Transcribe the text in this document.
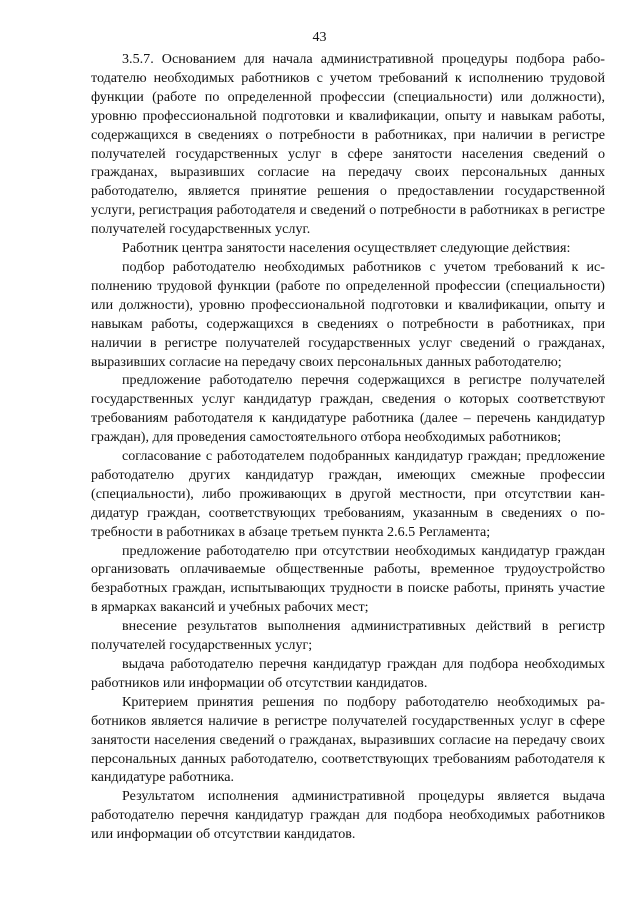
43

3.5.7. Основанием для начала административной процедуры подбора работодателю необходимых работников с учетом требований к исполнению трудовой функции (работе по определенной профессии (специальности) или должности), уровню профессиональной подготовки и квалификации, опыту и навыкам работы, содержащихся в сведениях о потребности в работниках, при наличии в регистре получателей государственных услуг в сфере занятости населения сведений о гражданах, выразивших согласие на передачу своих персональных данных работодателю, является принятие решения о предоставлении государственной услуги, регистрация работодателя и сведений о потребности в работниках в регистре получателей государственных услуг.

Работник центра занятости населения осуществляет следующие действия:

подбор работодателю необходимых работников с учетом требований к исполнению трудовой функции (работе по определенной профессии (специальности) или должности), уровню профессиональной подготовки и квалификации, опыту и навыкам работы, содержащихся в сведениях о потребности в работниках, при наличии в регистре получателей государственных услуг сведений о гражданах, выразивших согласие на передачу своих персональных данных работодателю;

предложение работодателю перечня содержащихся в регистре получателей государственных услуг кандидатур граждан, сведения о которых соответствуют требованиям работодателя к кандидатуре работника (далее – перечень кандидатур граждан), для проведения самостоятельного отбора необходимых работников;

согласование с работодателем подобранных кандидатур граждан; предложение работодателю других кандидатур граждан, имеющих смежные профессии (специальности), либо проживающих в другой местности, при отсутствии кандидатур граждан, соответствующих требованиям, указанным в сведениях о потребности в работниках в абзаце третьем пункта 2.6.5 Регламента;

предложение работодателю при отсутствии необходимых кандидатур граждан организовать оплачиваемые общественные работы, временное трудоустройство безработных граждан, испытывающих трудности в поиске работы, принять участие в ярмарках вакансий и учебных рабочих мест;

внесение результатов выполнения административных действий в регистр получателей государственных услуг;

выдача работодателю перечня кандидатур граждан для подбора необходимых работников или информации об отсутствии кандидатов.

Критерием принятия решения по подбору работодателю необходимых работников является наличие в регистре получателей государственных услуг в сфере занятости населения сведений о гражданах, выразивших согласие на передачу своих персональных данных работодателю, соответствующих требованиям работодателя к кандидатуре работника.

Результатом исполнения административной процедуры является выдача работодателю перечня кандидатур граждан для подбора необходимых работников или информации об отсутствии кандидатов.
